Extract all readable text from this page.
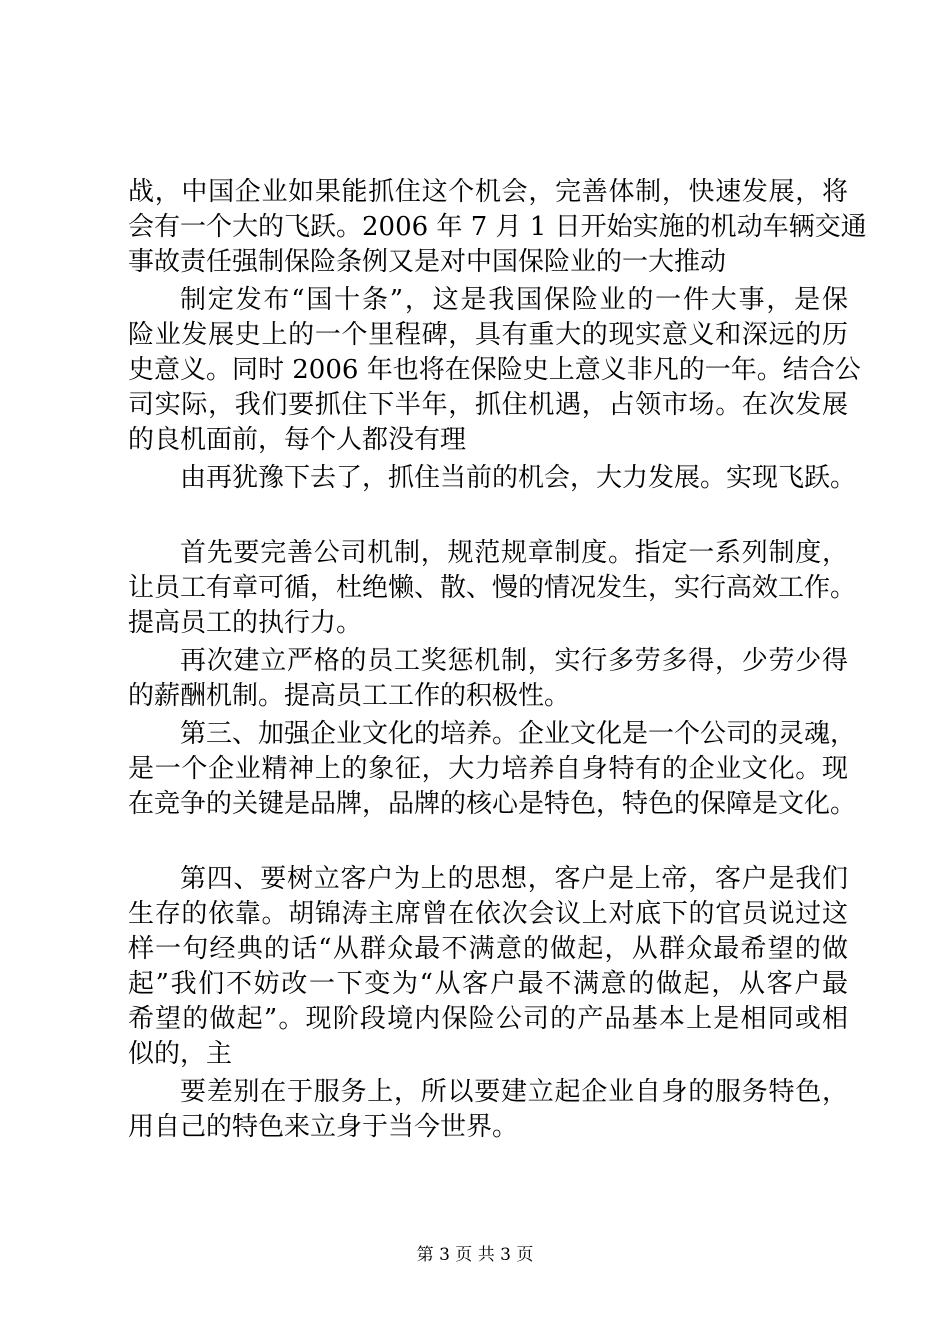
战，中国企业如果能抓住这个机会，完善体制，快速发展，将
会有一个大的飞跃。2006 年 7 月 1 日开始实施的机动车辆交通
事故责任强制保险条例又是对中国保险业的一大推动
制定发布“国十条”，这是我国保险业的一件大事，是保
险业发展史上的一个里程碑，具有重大的现实意义和深远的历
史意义。同时 2006 年也将在保险史上意义非凡的一年。结合公
司实际，我们要抓住下半年，抓住机遇，占领市场。在次发展
的良机面前，每个人都没有理
由再犹豫下去了，抓住当前的机会，大力发展。实现飞跃。
首先要完善公司机制，规范规章制度。指定一系列制度，
让员工有章可循，杜绝懒、散、慢的情况发生，实行高效工作。
提高员工的执行力。
再次建立严格的员工奖惩机制，实行多劳多得，少劳少得
的薪酬机制。提高员工工作的积极性。
第三、加强企业文化的培养。企业文化是一个公司的灵魂，
是一个企业精神上的象征，大力培养自身特有的企业文化。现
在竞争的关键是品牌，品牌的核心是特色，特色的保障是文化。
第四、要树立客户为上的思想，客户是上帝，客户是我们
生存的依靠。胡锦涛主席曾在依次会议上对底下的官员说过这
样一句经典的话“从群众最不满意的做起，从群众最希望的做
起”我们不妨改一下变为“从客户最不满意的做起，从客户最
希望的做起”。现阶段境内保险公司的产品基本上是相同或相
似的，主
要差别在于服务上，所以要建立起企业自身的服务特色，
用自己的特色来立身于当今世界。
第 3 页 共 3 页
